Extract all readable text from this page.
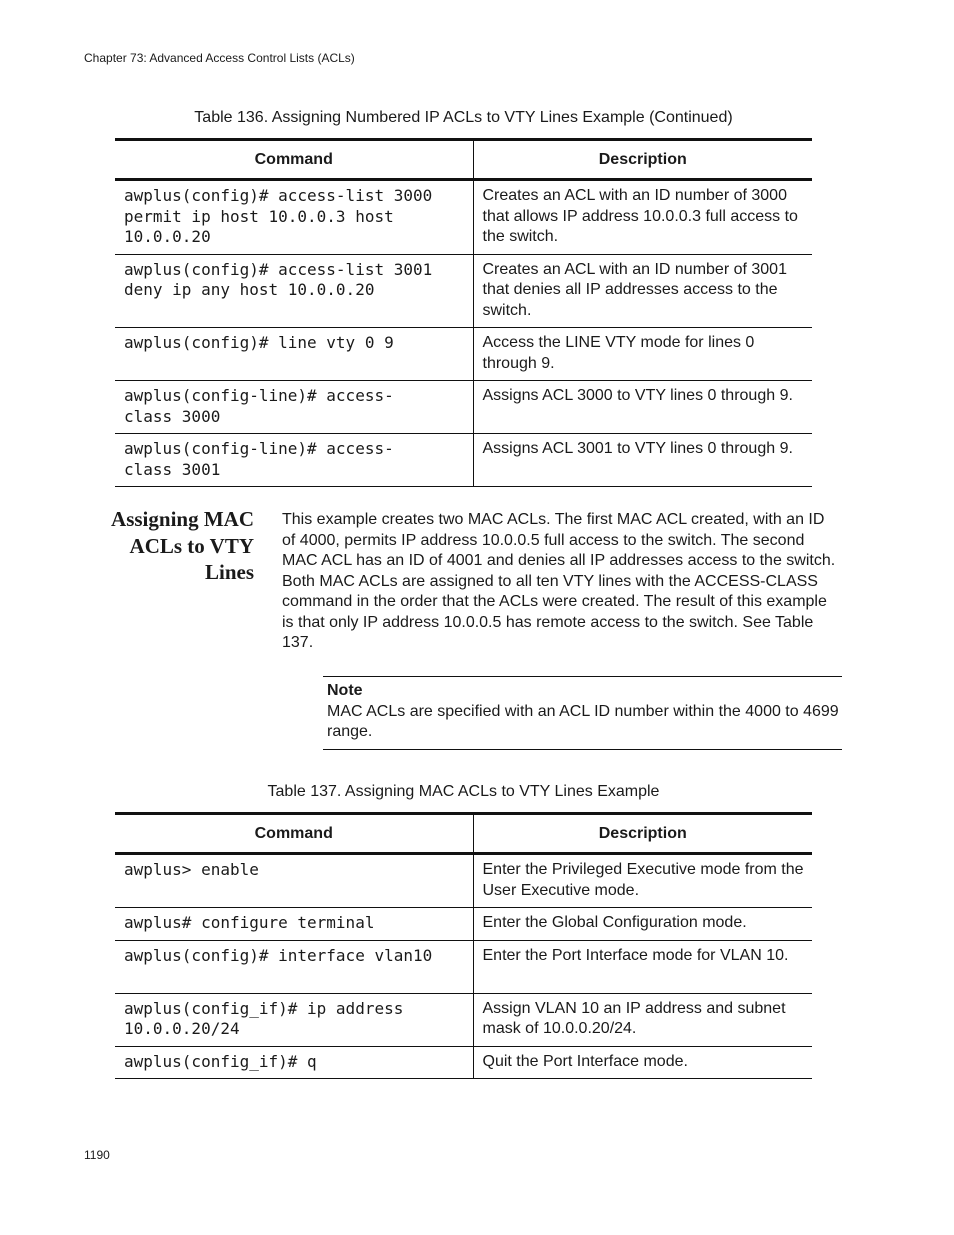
Chapter 73: Advanced Access Control Lists (ACLs)
Table 136. Assigning Numbered IP ACLs to VTY Lines Example (Continued)
Command	Description
awplus(config)# access-list 3000
permit ip host 10.0.0.3 host
10.0.0.20	Creates an ACL with an ID number of 3000 that allows IP address 10.0.0.3 full access to the switch.
awplus(config)# access-list 3001
deny ip any host 10.0.0.20	Creates an ACL with an ID number of 3001 that denies all IP addresses access to the switch.
awplus(config)# line vty 0 9	Access the LINE VTY mode for lines 0 through 9.
awplus(config-line)# access-
class 3000	Assigns ACL 3000 to VTY lines 0 through 9.
awplus(config-line)# access-
class 3001	Assigns ACL 3001 to VTY lines 0 through 9.
Assigning MAC
ACLs to VTY
Lines
This example creates two MAC ACLs. The first MAC ACL created, with an ID of 4000, permits IP address 10.0.0.5 full access to the switch. The second MAC ACL has an ID of 4001 and denies all IP addresses access to the switch. Both MAC ACLs are assigned to all ten VTY lines with the ACCESS-CLASS command in the order that the ACLs were created. The result of this example is that only IP address 10.0.0.5 has remote access to the switch. See Table 137.
Note
MAC ACLs are specified with an ACL ID number within the 4000 to 4699 range.
Table 137. Assigning MAC ACLs to VTY Lines Example
Command	Description
awplus> enable	Enter the Privileged Executive mode from the User Executive mode.
awplus# configure terminal	Enter the Global Configuration mode.
awplus(config)# interface vlan10	Enter the Port Interface mode for VLAN 10.
awplus(config_if)# ip address
10.0.0.20/24	Assign VLAN 10 an IP address and subnet mask of 10.0.0.20/24.
awplus(config_if)# q	Quit the Port Interface mode.
1190
